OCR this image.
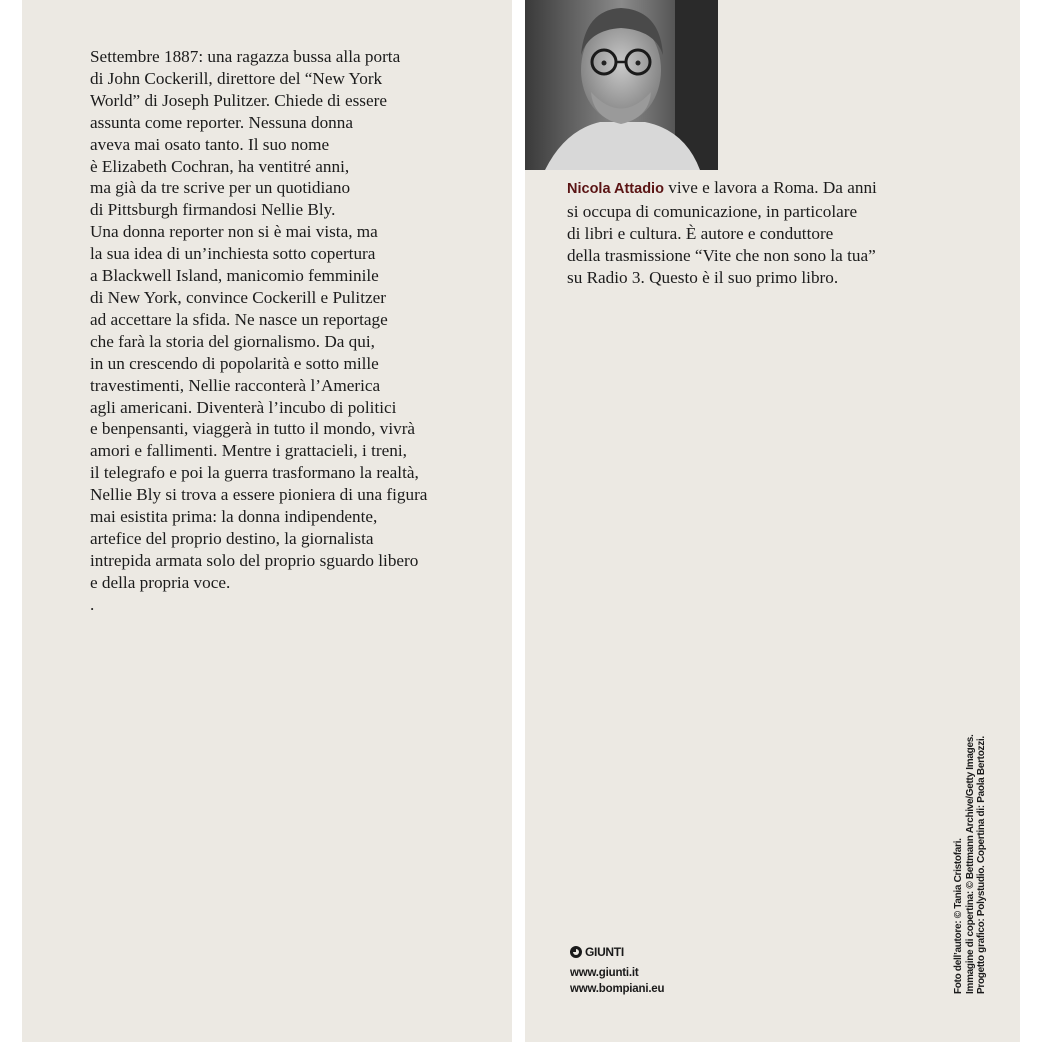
Settembre 1887: una ragazza bussa alla porta
di John Cockerill, direttore del “New York
World” di Joseph Pulitzer. Chiede di essere
assunta come reporter. Nessuna donna
aveva mai osato tanto. Il suo nome
è Elizabeth Cochran, ha ventitré anni,
ma già da tre scrive per un quotidiano
di Pittsburgh firmandosi Nellie Bly.
Una donna reporter non si è mai vista, ma
la sua idea di un’inchiesta sotto copertura
a Blackwell Island, manicomio femminile
di New York, convince Cockerill e Pulitzer
ad accettare la sfida. Ne nasce un reportage
che farà la storia del giornalismo. Da qui,
in un crescendo di popolarità e sotto mille
travestimenti, Nellie racconterà l’America
agli americani. Diventerà l’incubo di politici
e benpensanti, viaggerà in tutto il mondo, vivrà
amori e fallimenti. Mentre i grattacieli, i treni,
il telegrafo e poi la guerra trasformano la realtà,
Nellie Bly si trova a essere pioniera di una figura
mai esistita prima: la donna indipendente,
artefice del proprio destino, la giornalista
intrepida armata solo del proprio sguardo libero
e della propria voce.
.
Nicola Attadio vive e lavora a Roma. Da anni
si occupa di comunicazione, in particolare
di libri e cultura. È autore e conduttore
della trasmissione “Vite che non sono la tua”
su Radio 3. Questo è il suo primo libro.
GIUNTI
www.giunti.it
www.bompiani.eu	Foto dell’autore: © Tania Cristofari. Immagine di copertina: © Bettmann Archive/Getty Images. Progetto grafico: Polystudio. Copertina di: Paola Bertozzi.
